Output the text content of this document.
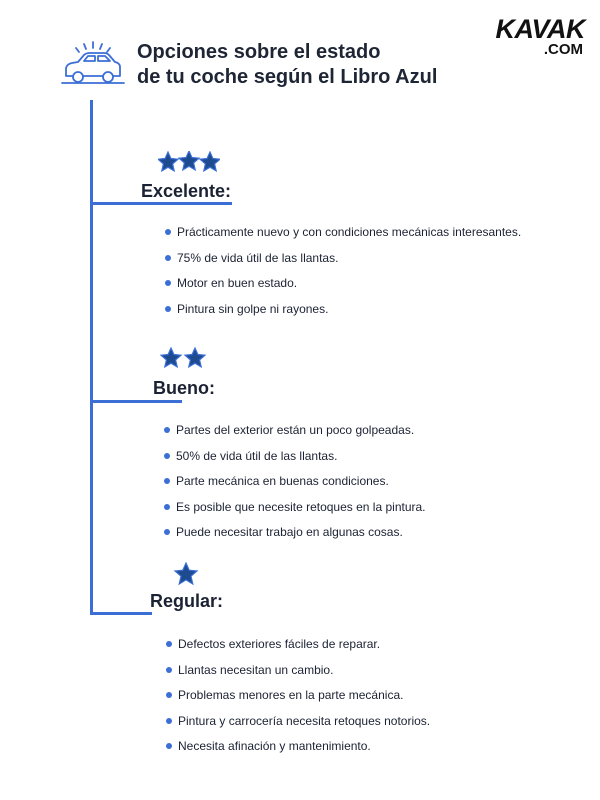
Opciones sobre el estado
de tu coche según el Libro Azul
KAVAK
.COM
Excelente:
Prácticamente nuevo y con condiciones mecánicas interesantes.
75% de vida útil de las llantas.
Motor en buen estado.
Pintura sin golpe ni rayones.
Bueno:
Partes del exterior están un poco golpeadas.
50% de vida útil de las llantas.
Parte mecánica en buenas condiciones.
Es posible que necesite retoques en la pintura.
Puede necesitar trabajo en algunas cosas.
Regular:
Defectos exteriores fáciles de reparar.
Llantas necesitan un cambio.
Problemas menores en la parte mecánica.
Pintura y carrocería necesita retoques notorios.
Necesita afinación y mantenimiento.
